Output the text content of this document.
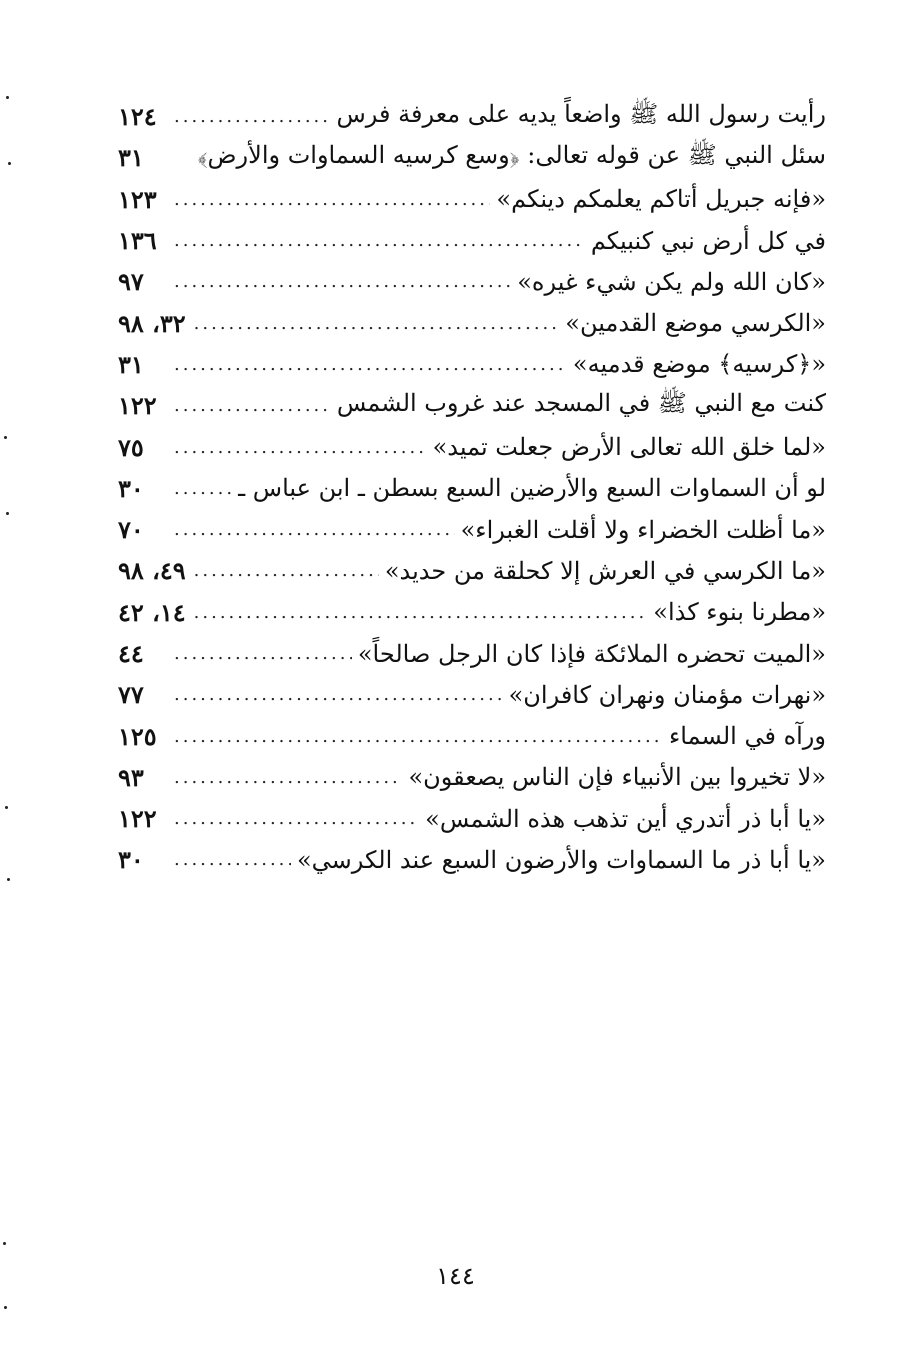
رأيت رسول الله ﷺ واضعاً يديه على معرفة فرس
.....
١٢٤
سئل النبي ﷺ عن قوله تعالى: ﴿وسع كرسيه السماوات والأرض﴾
٣١
«فإنه جبريل أتاكم يعلمكم دينكم»
.....
١٢٣
في كل أرض نبي كنبيكم
.....
١٣٦
«كان الله ولم يكن شيء غيره»
.....
٩٧
«الكرسي موضع القدمين»
.....
٣٢، ٩٨
«﴿كرسيه﴾ موضع قدميه»
.....
٣١
كنت مع النبي ﷺ في المسجد عند غروب الشمس
.....
١٢٢
«لما خلق الله تعالى الأرض جعلت تميد»
.....
٧٥
لو أن السماوات السبع والأرضين السبع بسطن ـ ابن عباس ـ
.....
٣٠
«ما أظلت الخضراء ولا أقلت الغبراء»
.....
٧٠
«ما الكرسي في العرش إلا كحلقة من حديد»
.....
٤٩، ٩٨
«مطرنا بنوء كذا»
.....
١٤، ٤٢
«الميت تحضره الملائكة فإذا كان الرجل صالحاً»
.....
٤٤
«نهرات مؤمنان ونهران كافران»
.....
٧٧
ورآه في السماء
.....
١٢٥
«لا تخيروا بين الأنبياء فإن الناس يصعقون»
.....
٩٣
«يا أبا ذر أتدري أين تذهب هذه الشمس»
.....
١٢٢
«يا أبا ذر ما السماوات والأرضون السبع عند الكرسي»
.....
٣٠
١٤٤
